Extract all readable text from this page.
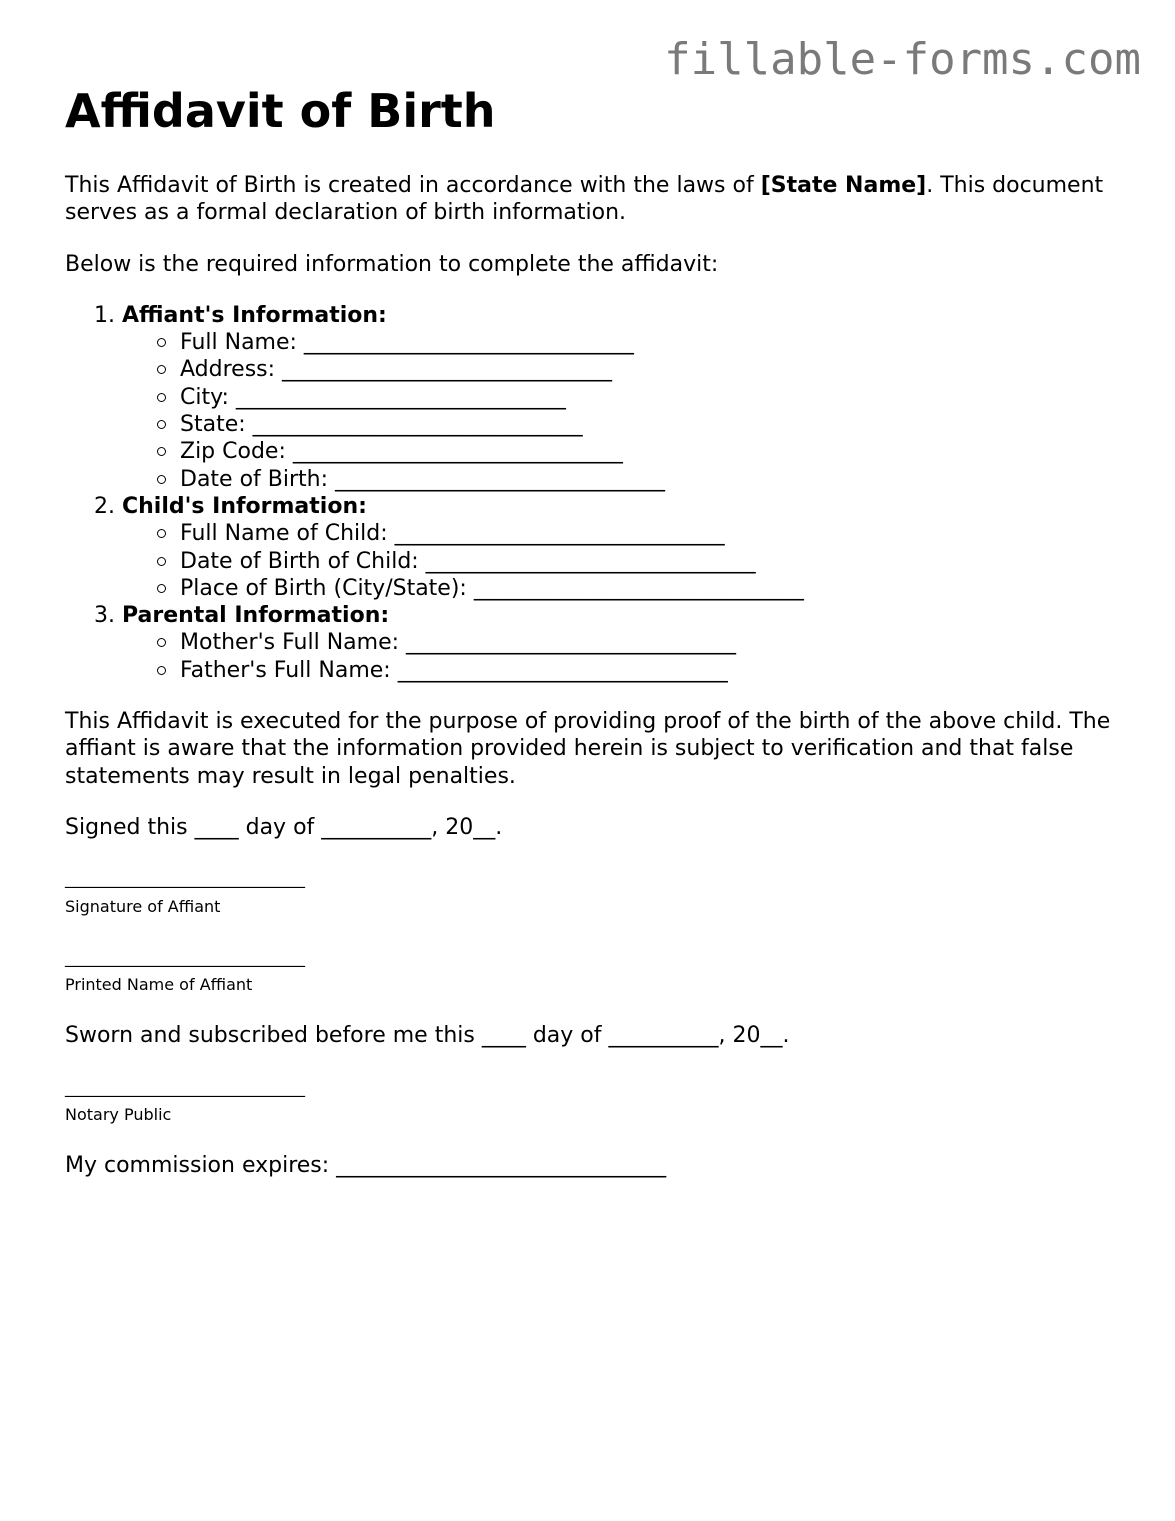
fillable-forms.com
Affidavit of Birth

This Affidavit of Birth is created in accordance with the laws of [State Name]. This document serves as a formal declaration of birth information.

Below is the required information to complete the affidavit:

1. Affiant's Information:
Full Name: ______________________________
Address: ______________________________
City: ______________________________
State: ______________________________
Zip Code: ______________________________
Date of Birth: ______________________________
2. Child's Information:
Full Name of Child: ______________________________
Date of Birth of Child: ______________________________
Place of Birth (City/State): ______________________________
3. Parental Information:
Mother's Full Name: ______________________________
Father's Full Name: ______________________________

This Affidavit is executed for the purpose of providing proof of the birth of the above child. The affiant is aware that the information provided herein is subject to verification and that false statements may result in legal penalties.

Signed this ____ day of __________, 20__.

______________________________
Signature of Affiant
______________________________
Printed Name of Affiant

Sworn and subscribed before me this ____ day of __________, 20__.

______________________________
Notary Public

My commission expires: ______________________________
